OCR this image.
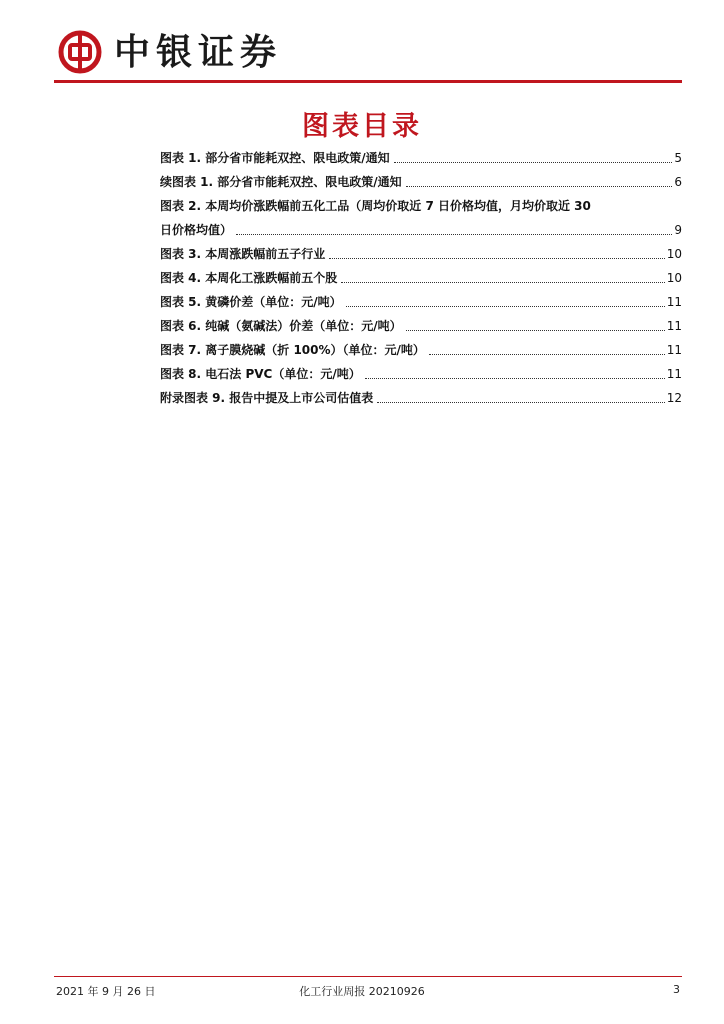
中银证券
图表目录
图表 1. 部分省市能耗双控、限电政策/通知	5
续图表 1. 部分省市能耗双控、限电政策/通知	6
图表 2. 本周均价涨跌幅前五化工品（周均价取近 7 日价格均值，月均价取近 30
日价格均值）	9
图表 3. 本周涨跌幅前五子行业	10
图表 4. 本周化工涨跌幅前五个股	10
图表 5. 黄磷价差（单位：元/吨）	11
图表 6. 纯碱（氨碱法）价差（单位：元/吨）	11
图表 7. 离子膜烧碱（折 100%）（单位：元/吨）	11
图表 8. 电石法 PVC（单位：元/吨）	11
附录图表 9. 报告中提及上市公司估值表	12
2021 年 9 月 26 日	化工行业周报 20210926	3
